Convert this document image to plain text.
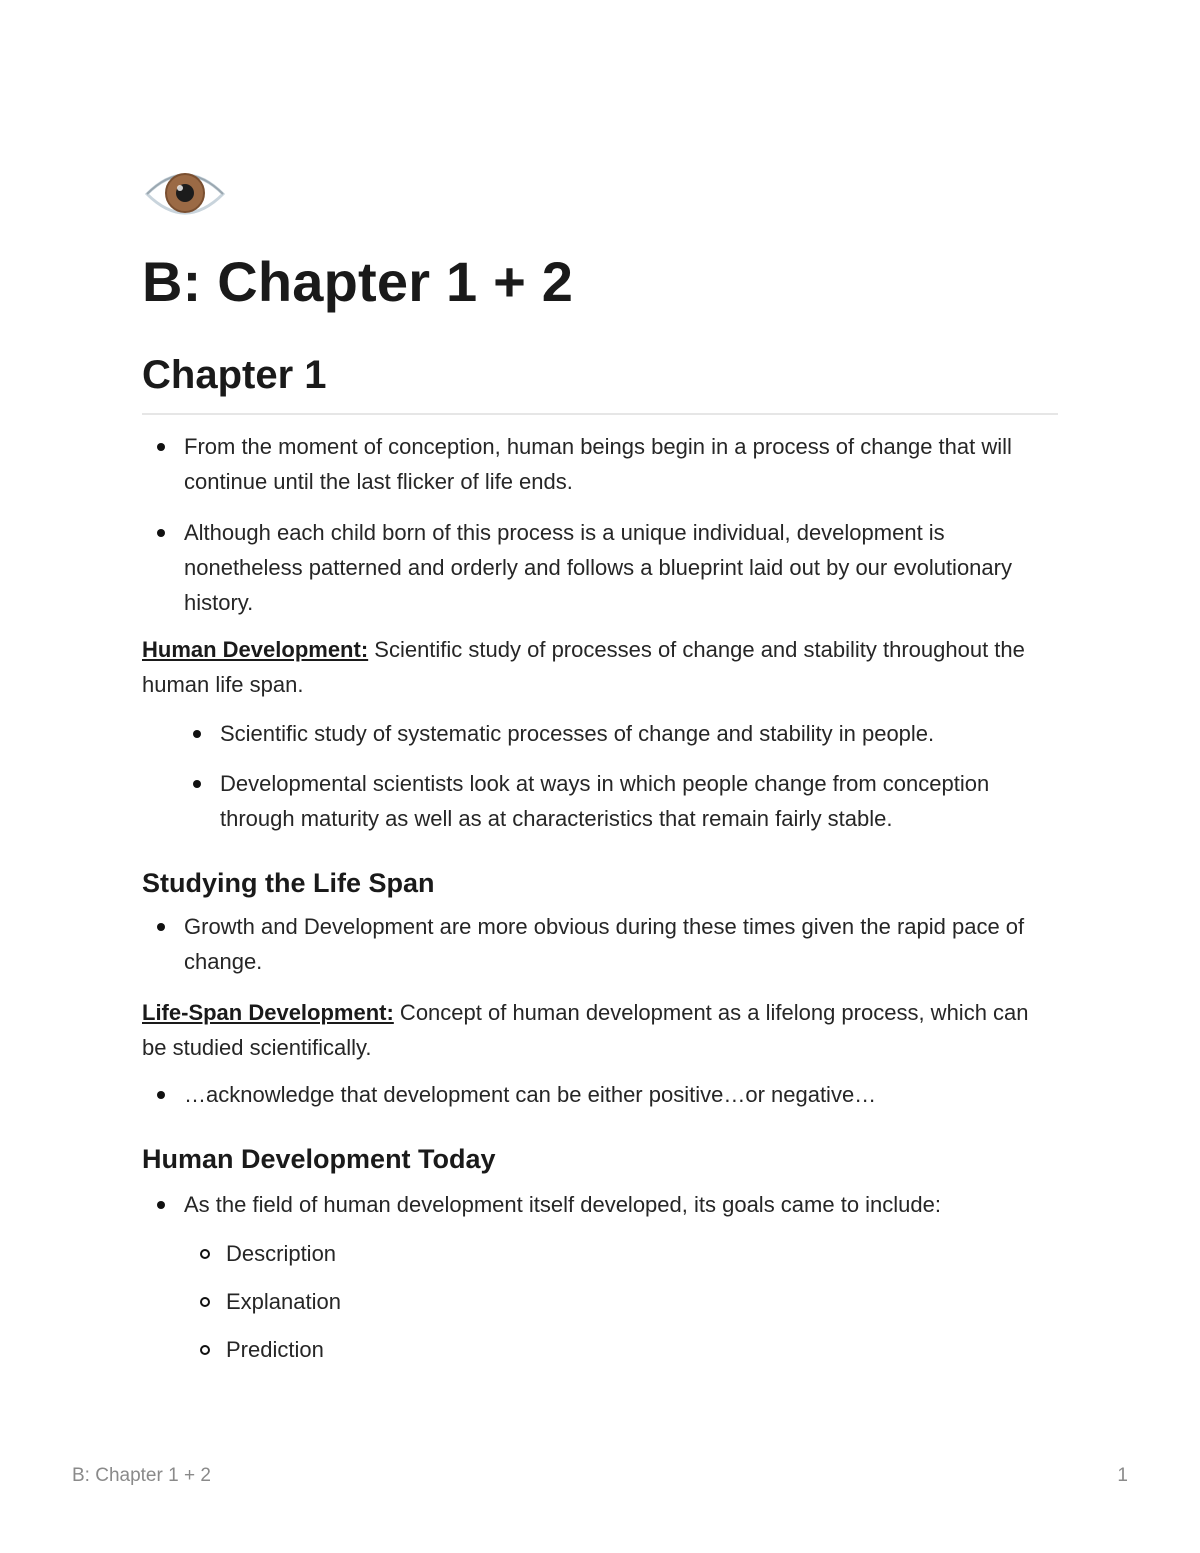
B: Chapter 1 + 2
Chapter 1
From the moment of conception, human beings begin in a process of change that will continue until the last flicker of life ends.
Although each child born of this process is a unique individual, development is nonetheless patterned and orderly and follows a blueprint laid out by our evolutionary history.

Human Development: Scientific study of processes of change and stability throughout the human life span.

Scientific study of systematic processes of change and stability in people.
Developmental scientists look at ways in which people change from conception through maturity as well as at characteristics that remain fairly stable.
Studying the Life Span
Growth and Development are more obvious during these times given the rapid pace of change.

Life-Span Development: Concept of human development as a lifelong process, which can be studied scientifically.

…acknowledge that development can be either positive…or negative…
Human Development Today
As the field of human development itself developed, its goals came to include:
Description
Explanation
Prediction
B: Chapter 1 + 2	1
